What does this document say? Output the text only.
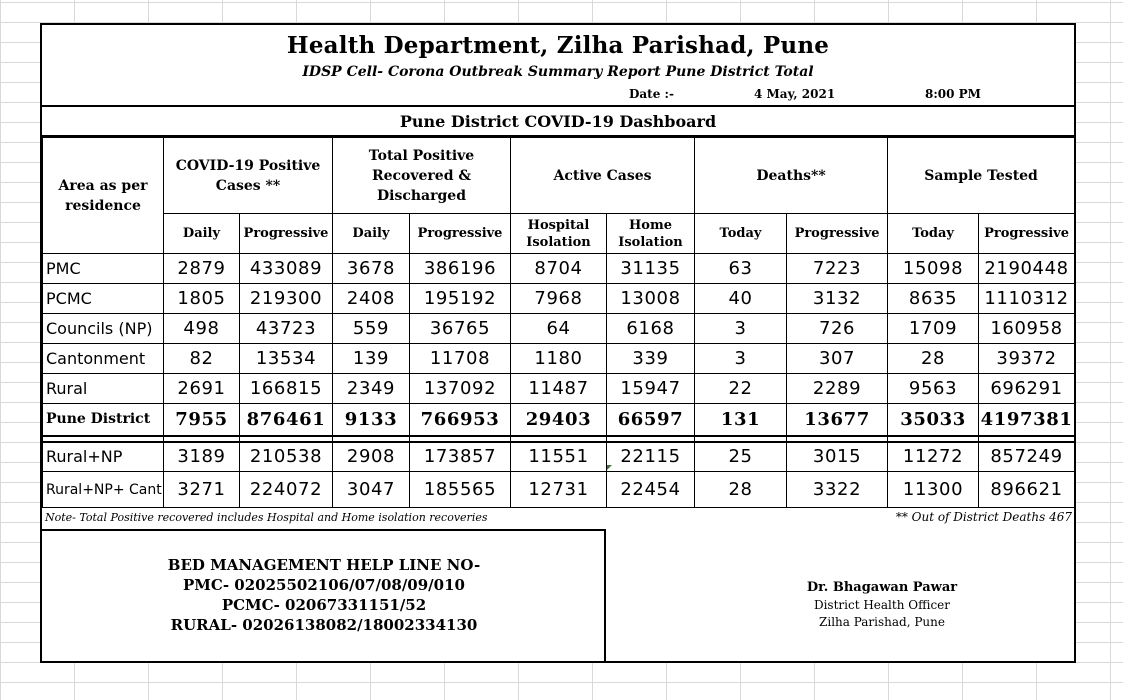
Health Department, Zilha Parishad, Pune
IDSP Cell- Corona Outbreak Summary Report Pune District Total
Date :-	4 May, 2021	8:00 PM
Pune District COVID-19 Dashboard
Area as per residence	COVID-19 Positive Cases **		Total Positive Recovered & Discharged		Active Cases		Deaths**		Sample Tested	
	Daily	Progressive	Daily	Progressive	Hospital Isolation	Home Isolation	Today	Progressive	Today	Progressive
PMC	2879	433089	3678	386196	8704	31135	63	7223	15098	2190448
PCMC	1805	219300	2408	195192	7968	13008	40	3132	8635	1110312
Councils (NP)	498	43723	559	36765	64	6168	3	726	1709	160958
Cantonment	82	13534	139	11708	1180	339	3	307	28	39372
Rural	2691	166815	2349	137092	11487	15947	22	2289	9563	696291
Pune District	7955	876461	9133	766953	29403	66597	131	13677	35033	4197381

Rural+NP	3189	210538	2908	173857	11551	22115	25	3015	11272	857249
Rural+NP+ Cant	3271	224072	3047	185565	12731	22454	28	3322	11300	896621
Note- Total Positive recovered includes Hospital and Home isolation recoveries	** Out of District Deaths 467
BED MANAGEMENT HELP LINE NO-
PMC- 02025502106/07/08/09/010
PCMC- 02067331151/52
RURAL- 02026138082/18002334130
Dr. Bhagawan Pawar
District Health Officer
Zilha Parishad, Pune
